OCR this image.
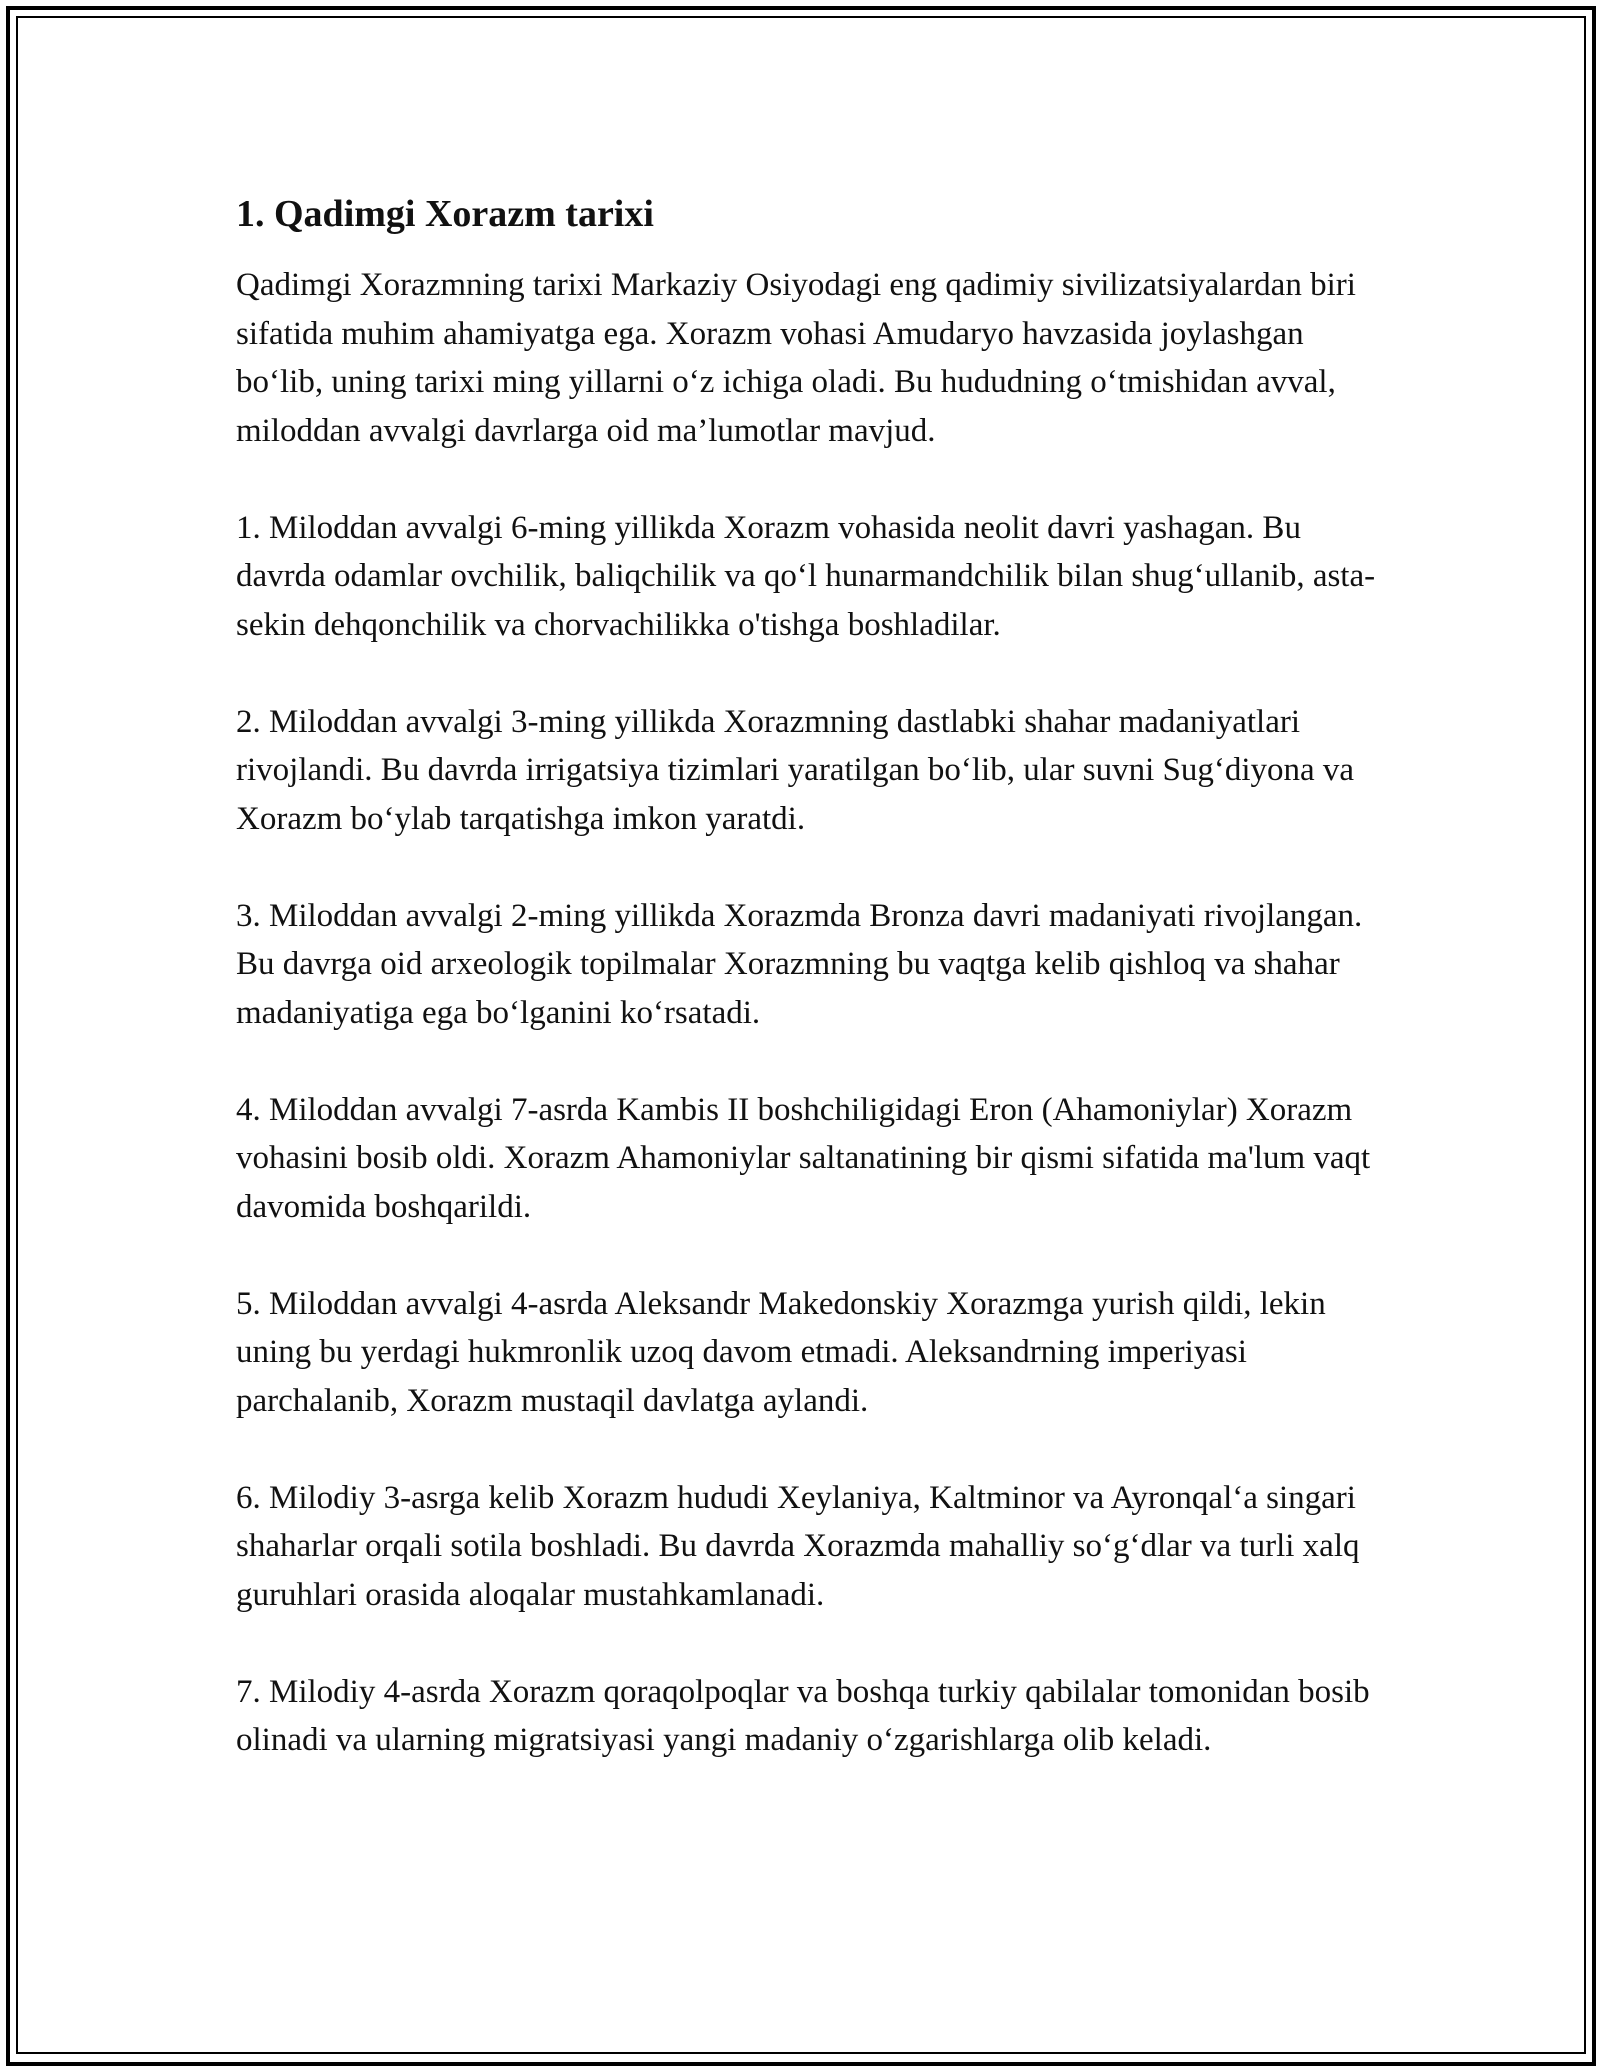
1. Qadimgi Xorazm tarixi

Qadimgi Xorazmning tarixi Markaziy Osiyodagi eng qadimiy sivilizatsiyalardan biri sifatida muhim ahamiyatga ega. Xorazm vohasi Amudaryo havzasida joylashgan bo‘lib, uning tarixi ming yillarni o‘z ichiga oladi. Bu hududning o‘tmishidan avval, miloddan avvalgi davrlarga oid ma’lumotlar mavjud.

1. Miloddan avvalgi 6-ming yillikda Xorazm vohasida neolit davri yashagan. Bu davrda odamlar ovchilik, baliqchilik va qo‘l hunarmandchilik bilan shug‘ullanib, asta-sekin dehqonchilik va chorvachilikka o'tishga boshladilar.

2. Miloddan avvalgi 3-ming yillikda Xorazmning dastlabki shahar madaniyatlari rivojlandi. Bu davrda irrigatsiya tizimlari yaratilgan bo‘lib, ular suvni Sug‘diyona va Xorazm bo‘ylab tarqatishga imkon yaratdi.

3. Miloddan avvalgi 2-ming yillikda Xorazmda Bronza davri madaniyati rivojlangan. Bu davrga oid arxeologik topilmalar Xorazmning bu vaqtga kelib qishloq va shahar madaniyatiga ega bo‘lganini ko‘rsatadi.

4. Miloddan avvalgi 7-asrda Kambis II boshchiligidagi Eron (Ahamoniylar) Xorazm vohasini bosib oldi. Xorazm Ahamoniylar saltanatining bir qismi sifatida ma'lum vaqt davomida boshqarildi.

5. Miloddan avvalgi 4-asrda Aleksandr Makedonskiy Xorazmga yurish qildi, lekin uning bu yerdagi hukmronlik uzoq davom etmadi. Aleksandrning imperiyasi parchalanib, Xorazm mustaqil davlatga aylandi.

6. Milodiy 3-asrga kelib Xorazm hududi Xeylaniya, Kaltminor va Ayronqal‘a singari shaharlar orqali sotila boshladi. Bu davrda Xorazmda mahalliy so‘g‘dlar va turli xalq guruhlari orasida aloqalar mustahkamlanadi.

7. Milodiy 4-asrda Xorazm qoraqolpoqlar va boshqa turkiy qabilalar tomonidan bosib olinadi va ularning migratsiyasi yangi madaniy o‘zgarishlarga olib keladi.
